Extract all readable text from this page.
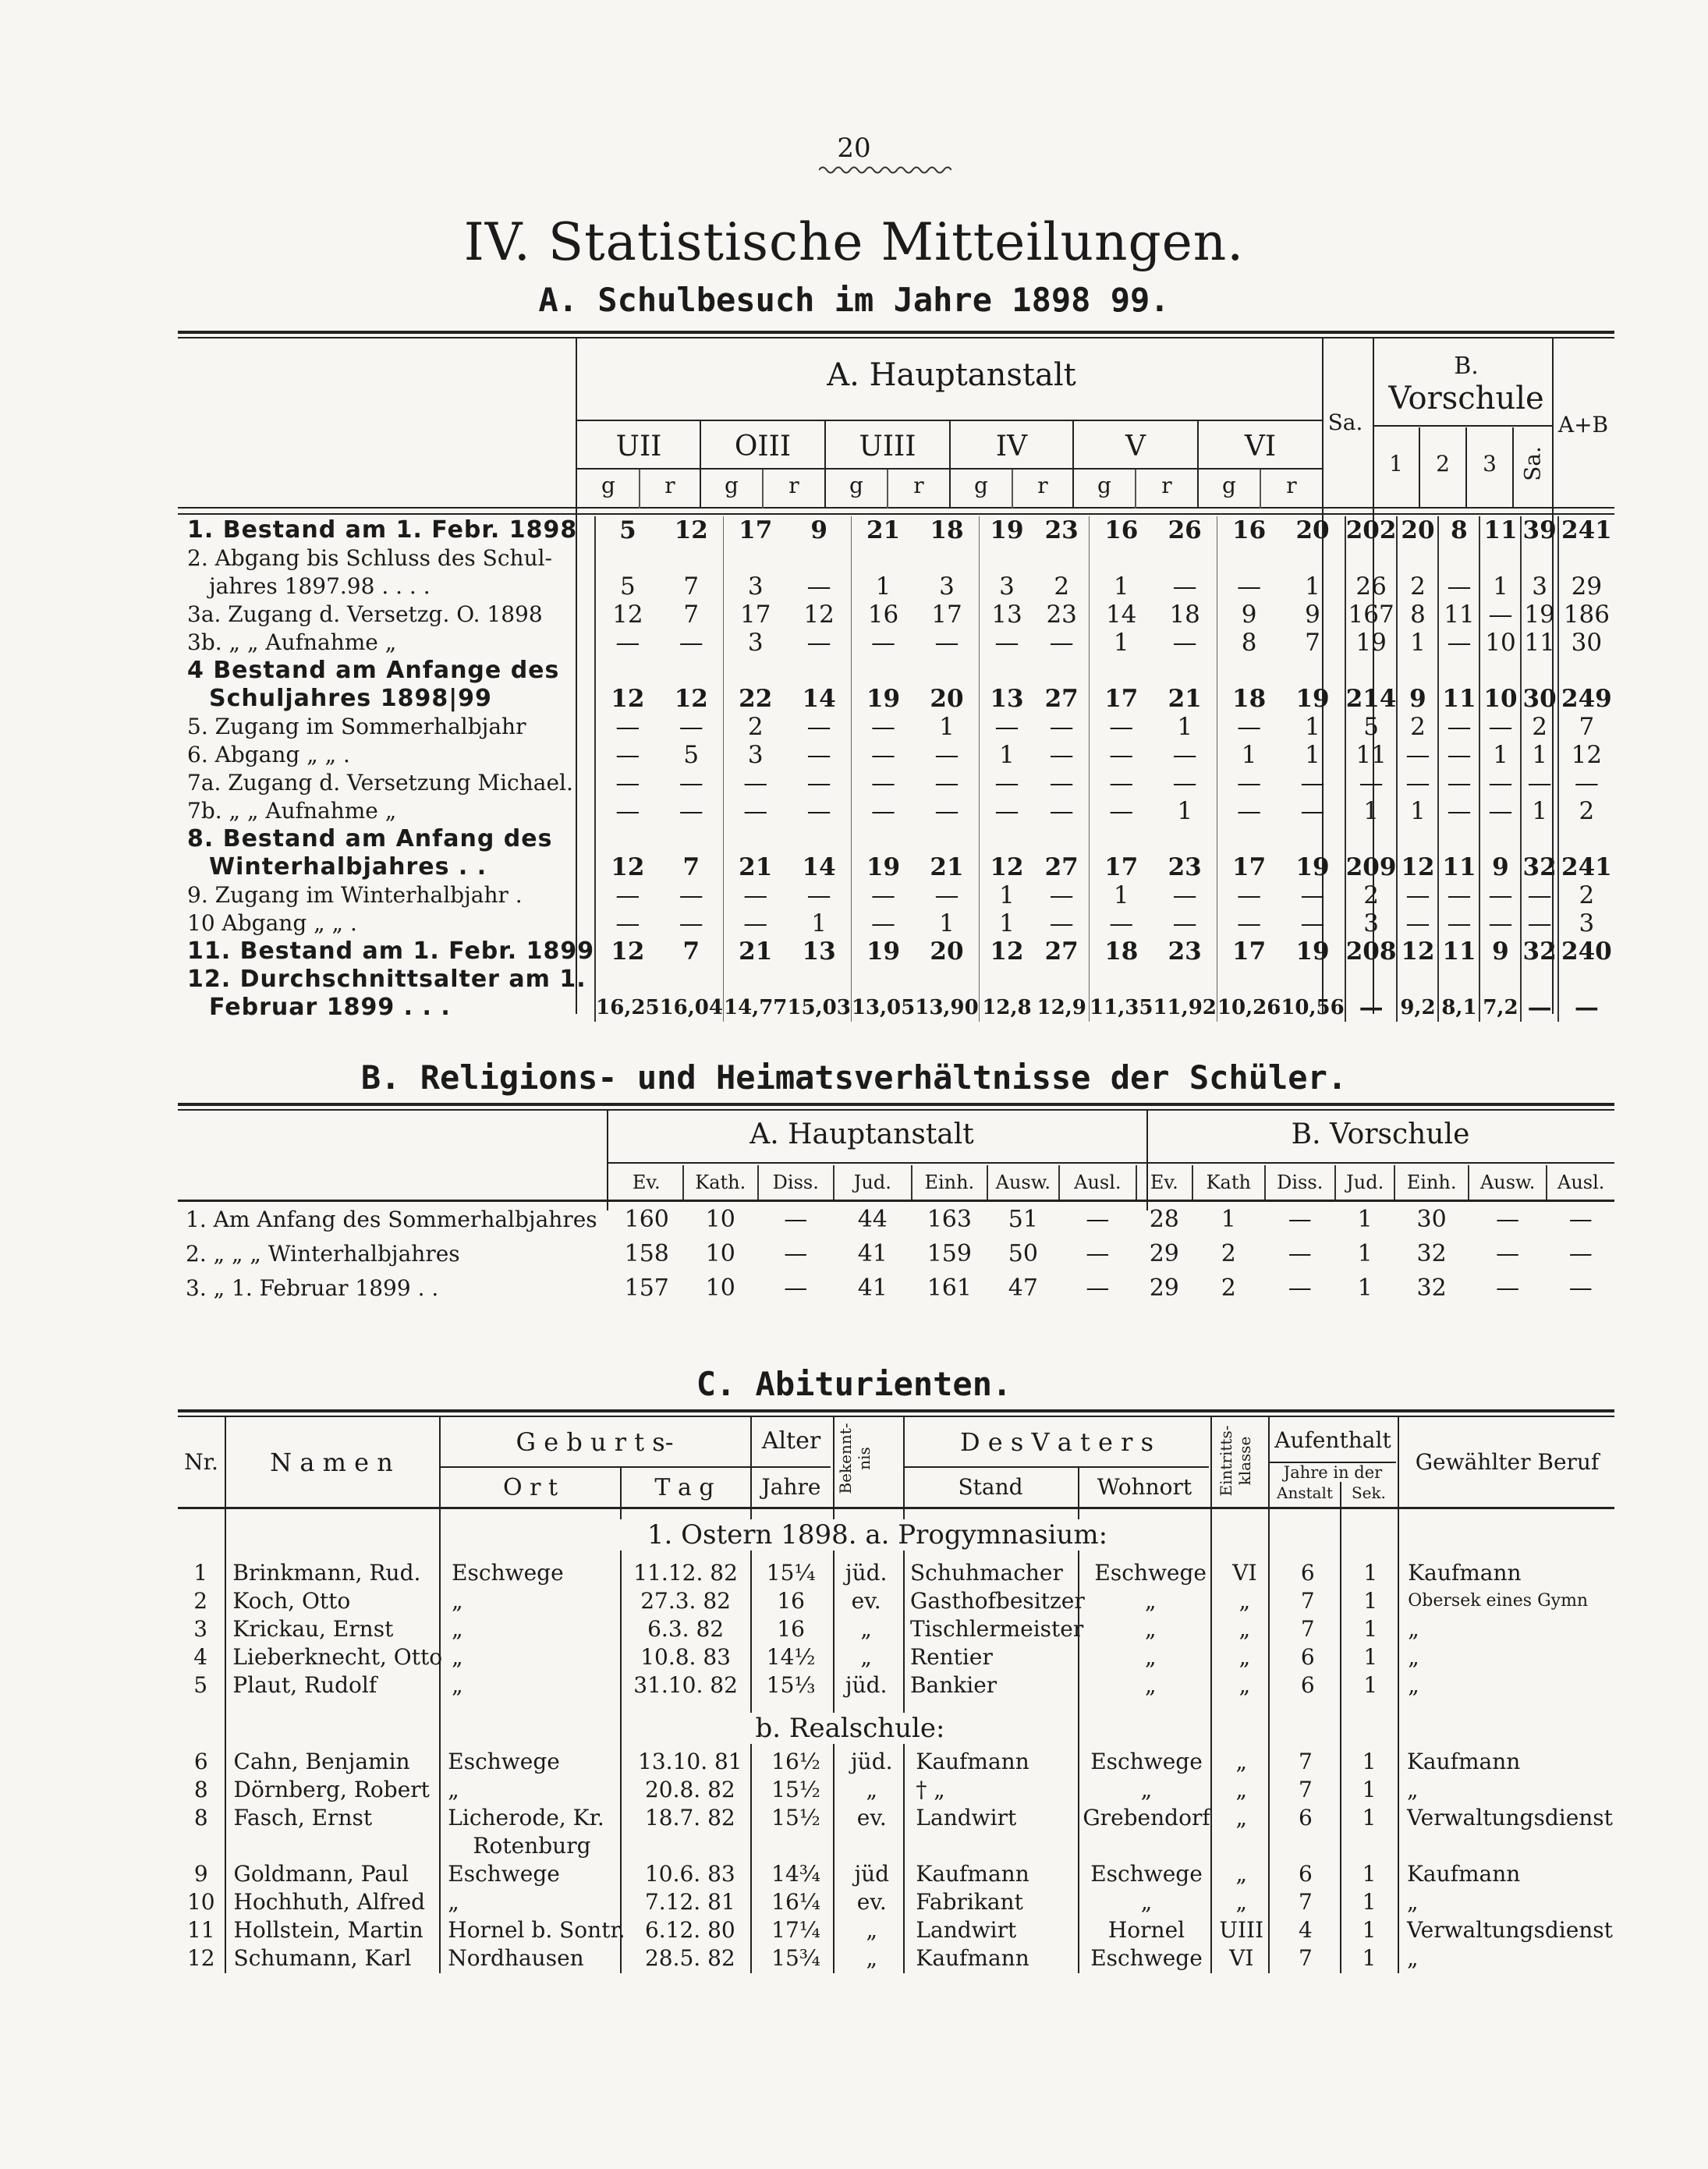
20
IV. Statistische Mitteilungen.
A. Schulbesuch im Jahre 1898 99.
A. Hauptanstalt	B.
Vorschule
Sa.	A+B
UII	OIII	UIII	IV	V	VI
g	r	g	r	g	r	g	r	g	r	g	r
1	2	3	Sa.
1. Bestand am 1. Febr. 1898	5	12	17	9	21	18	19	23	16	26	16	20	202	20	8	11	39	241
2. Abgang bis Schluss des Schul-																		
jahres 1897.98 . . . .	5	7	3	—	1	3	3	2	1	—	—	1	26	2	—	1	3	29
3a. Zugang d. Versetzg. O. 1898	12	7	17	12	16	17	13	23	14	18	9	9	167	8	11	—	19	186
3b. „ „ Aufnahme „	—	—	3	—	—	—	—	—	1	—	8	7	19	1	—	10	11	30
4 Bestand am Anfange des																		
Schuljahres 1898|99	12	12	22	14	19	20	13	27	17	21	18	19	214	9	11	10	30	249
5. Zugang im Sommerhalbjahr	—	—	2	—	—	1	—	—	—	1	—	1	5	2	—	—	2	7
6. Abgang „ „ .	—	5	3	—	—	—	1	—	—	—	1	1	11	—	—	1	1	12
7a. Zugang d. Versetzung Michael.	—	—	—	—	—	—	—	—	—	—	—	—	—	—	—	—	—	—
7b. „ „ Aufnahme „	—	—	—	—	—	—	—	—	—	1	—	—	1	1	—	—	1	2
8. Bestand am Anfang des																		
Winterhalbjahres . .	12	7	21	14	19	21	12	27	17	23	17	19	209	12	11	9	32	241
9. Zugang im Winterhalbjahr .	—	—	—	—	—	—	1	—	1	—	—	—	2	—	—	—	—	2
10 Abgang „ „ .	—	—	—	1	—	1	1	—	—	—	—	—	3	—	—	—	—	3
11. Bestand am 1. Febr. 1899	12	7	21	13	19	20	12	27	18	23	17	19	208	12	11	9	32	240
12. Durchschnittsalter am 1.																		
Februar 1899 . . .	16,25	16,04	14,77	15,03	13,05	13,90	12,8	12,9	11,35	11,92	10,26	10,56	—	9,2	8,1	7,2	—	—
B. Religions- und Heimatsverhältnisse der Schüler.
A. Hauptanstalt	B. Vorschule
	Ev.	Kath.	Diss.	Jud.	Einh.	Ausw.	Ausl.	Ev.	Kath	Diss.	Jud.	Einh.	Ausw.	Ausl.
1. Am Anfang des Sommerhalbjahres	160	10	—	44	163	51	—	28	1	—	1	30	—	—
2. „ „ „ Winterhalbjahres	158	10	—	41	159	50	—	29	2	—	1	32	—	—
3. „ 1. Februar 1899 . .	157	10	—	41	161	47	—	29	2	—	1	32	—	—
C. Abiturienten.
Nr.	N a m e n
G e b u r t s-
O r t	T a g
Alter
Jahre Bekennt-nis
D e s V a t e r s
Stand	Wohnort	Eintritts-klasse Aufenthalt
Jahre in der
Anstalt	Sek.
Gewählter Beruf
1. Ostern 1898. a. Progymnasium:
b. Realschule:
1	Brinkmann, Rud.	Eschwege	11.12. 82	15¼	jüd.	Schuhmacher	Eschwege	VI	6	1	Kaufmann
2	Koch, Otto	„	27.3. 82	16	ev.	Gasthofbesitzer	„	„	7	1	Obersek eines Gymn
3	Krickau, Ernst	„	6.3. 82	16	„	Tischlermeister	„	„	7	1	„
4	Lieberknecht, Otto	„	10.8. 83	14½	„	Rentier	„	„	6	1	„
5	Plaut, Rudolf	„	31.10. 82	15⅓	jüd.	Bankier	„	„	6	1	„
6	Cahn, Benjamin	Eschwege	13.10. 81	16½	jüd.	Kaufmann	Eschwege	„	7	1	Kaufmann
8	Dörnberg, Robert	„	20.8. 82	15½	„	† „	„	„	7	1	„
8	Fasch, Ernst	Licherode, Kr.	18.7. 82	15½	ev.	Landwirt	Grebendorf	„	6	1	Verwaltungsdienst
		Rotenburg									
9	Goldmann, Paul	Eschwege	10.6. 83	14¾	jüd	Kaufmann	Eschwege	„	6	1	Kaufmann
10	Hochhuth, Alfred	„	7.12. 81	16¼	ev.	Fabrikant	„	„	7	1	„
11	Hollstein, Martin	Hornel b. Sontr.	6.12. 80	17¼	„	Landwirt	Hornel	UIII	4	1	Verwaltungsdienst
12	Schumann, Karl	Nordhausen	28.5. 82	15¾	„	Kaufmann	Eschwege	VI	7	1	„
